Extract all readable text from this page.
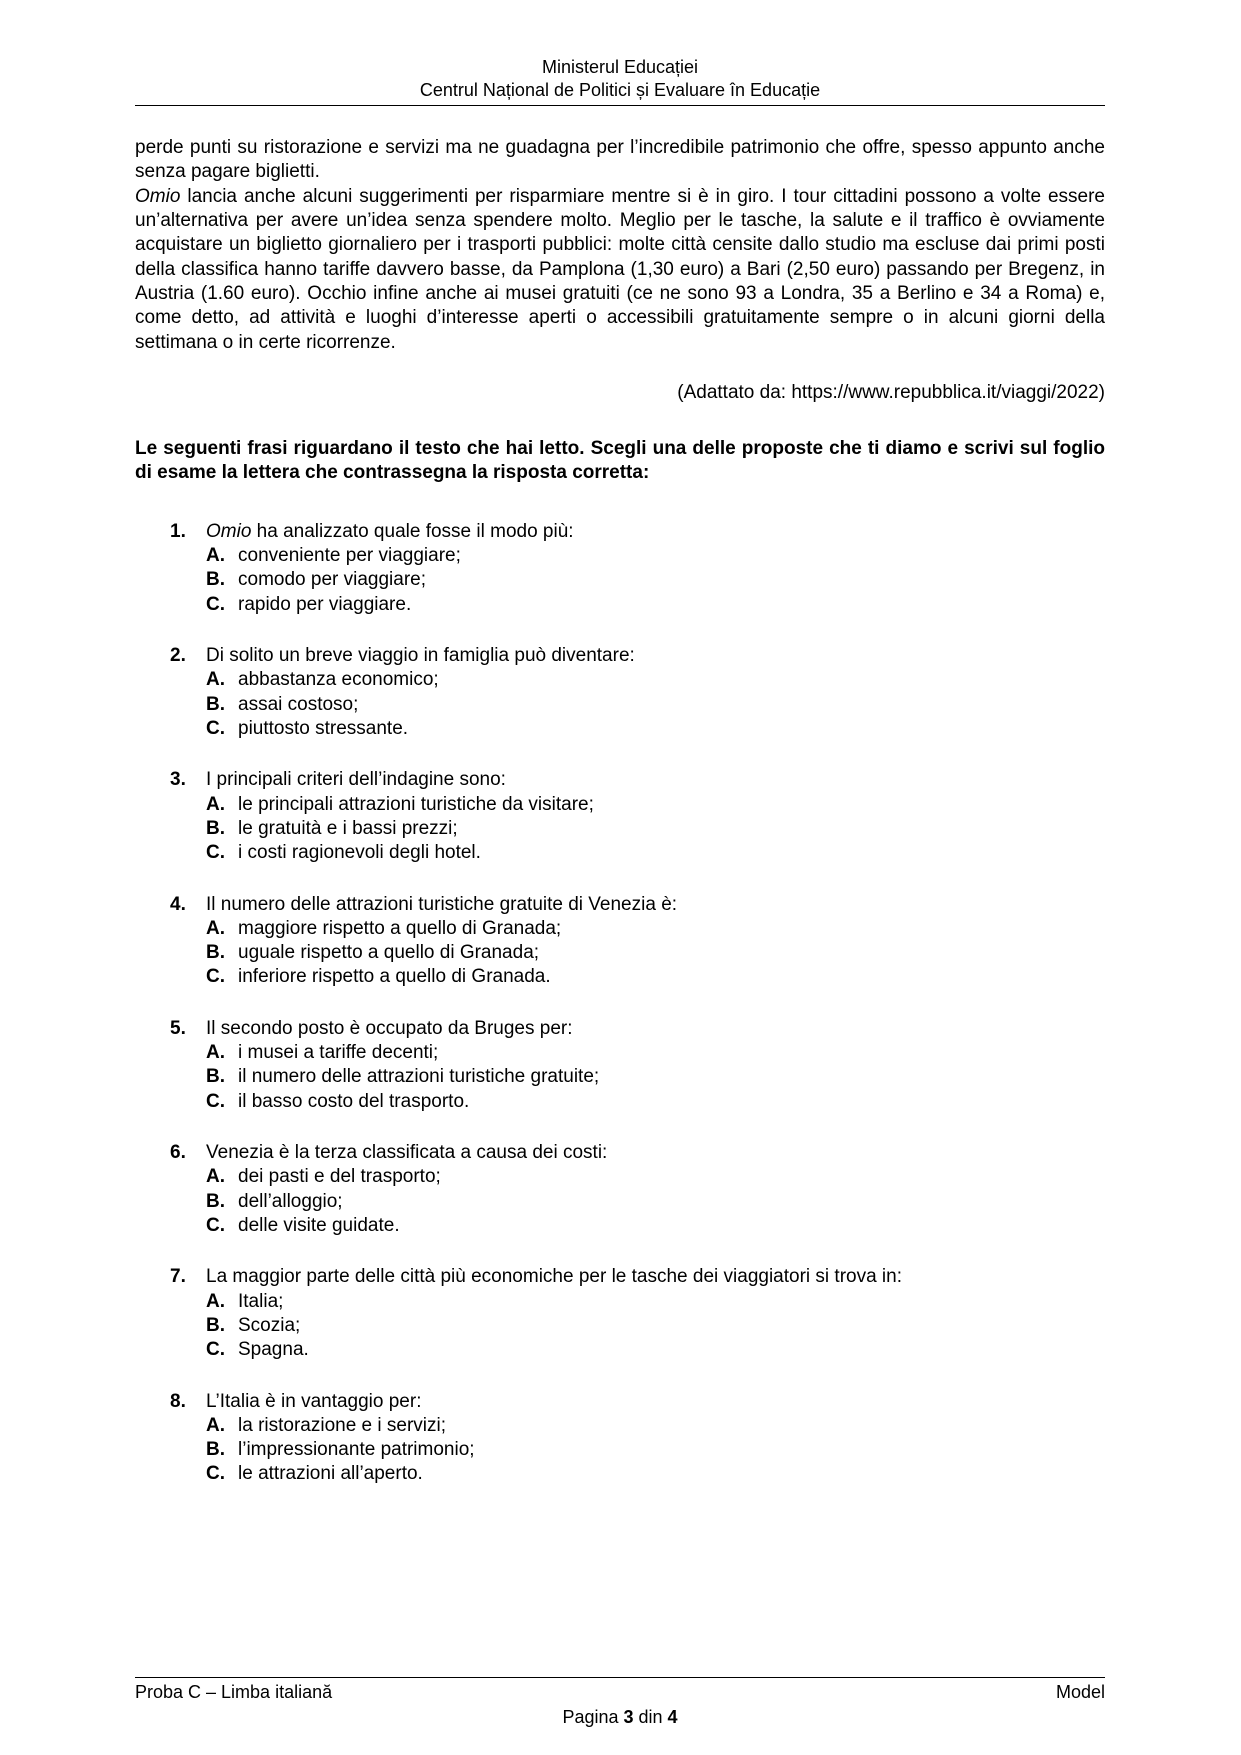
Ministerul Educației
Centrul Național de Politici și Evaluare în Educație

perde punti su ristorazione e servizi ma ne guadagna per l’incredibile patrimonio che offre, spesso appunto anche senza pagare biglietti.

Omio lancia anche alcuni suggerimenti per risparmiare mentre si è in giro. I tour cittadini possono a volte essere un’alternativa per avere un’idea senza spendere molto. Meglio per le tasche, la salute e il traffico è ovviamente acquistare un biglietto giornaliero per i trasporti pubblici: molte città censite dallo studio ma escluse dai primi posti della classifica hanno tariffe davvero basse, da Pamplona (1,30 euro) a Bari (2,50 euro) passando per Bregenz, in Austria (1.60 euro). Occhio infine anche ai musei gratuiti (ce ne sono 93 a Londra, 35 a Berlino e 34 a Roma) e, come detto, ad attività e luoghi d’interesse aperti o accessibili gratuitamente sempre o in alcuni giorni della settimana o in certe ricorrenze.

(Adattato da: https://www.repubblica.it/viaggi/2022)

Le seguenti frasi riguardano il testo che hai letto. Scegli una delle proposte che ti diamo e scrivi sul foglio di esame la lettera che contrassegna la risposta corretta:

1.	Omio ha analizzato quale fosse il modo più:
A. conveniente per viaggiare;
B. comodo per viaggiare;
C. rapido per viaggiare.
2.	Di solito un breve viaggio in famiglia può diventare:
A. abbastanza economico;
B. assai costoso;
C. piuttosto stressante.
3.	I principali criteri dell’indagine sono:
A. le principali attrazioni turistiche da visitare;
B. le gratuità e i bassi prezzi;
C. i costi ragionevoli degli hotel.
4.	Il numero delle attrazioni turistiche gratuite di Venezia è:
A. maggiore rispetto a quello di Granada;
B. uguale rispetto a quello di Granada;
C. inferiore rispetto a quello di Granada.
5.	Il secondo posto è occupato da Bruges per:
A. i musei a tariffe decenti;
B. il numero delle attrazioni turistiche gratuite;
C. il basso costo del trasporto.
6.	Venezia è la terza classificata a causa dei costi:
A. dei pasti e del trasporto;
B. dell’alloggio;
C. delle visite guidate.
7.	La maggior parte delle città più economiche per le tasche dei viaggiatori si trova in:
A. Italia;
B. Scozia;
C. Spagna.
8.	L’Italia è in vantaggio per:
A. la ristorazione e i servizi;
B. l’impressionante patrimonio;
C. le attrazioni all’aperto.
Proba C – Limba italiană	Model
Pagina 3 din 4
